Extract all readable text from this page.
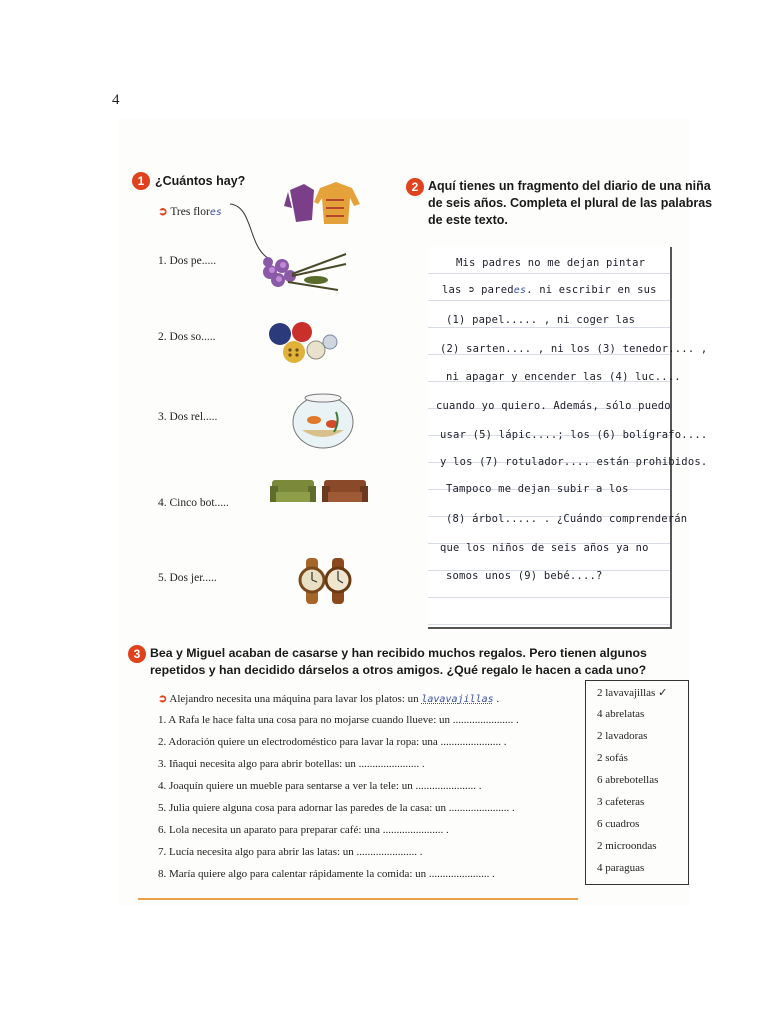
4
1 ¿Cuántos hay?
➲ Tres flores
1. Dos pe.....
2. Dos so.....
3. Dos rel.....
4. Cinco bot.....
5. Dos jer.....
2 Aquí tienes un fragmento del diario de una niña
de seis años. Completa el plural de las palabras
de este texto.
Mis padres no me dejan pintar
las ➲ paredes. ni escribir en sus
(1) papel..... , ni coger las
(2) sarten.... , ni los (3) tenedor.... ,
ni apagar y encender las (4) luc....
cuando yo quiero. Además, sólo puedo
usar (5) lápic....; los (6) bolígrafo....
y los (7) rotulador.... están prohibidos.
Tampoco me dejan subir a los
(8) árbol..... . ¿Cuándo comprenderán
que los niños de seis años ya no
somos unos (9) bebé....?
3 Bea y Miguel acaban de casarse y han recibido muchos regalos. Pero tienen algunos
repetidos y han decidido dárselos a otros amigos. ¿Qué regalo le hacen a cada uno?
➲ Alejandro necesita una máquina para lavar los platos: un lavavajillas .
1. A Rafa le hace falta una cosa para no mojarse cuando llueve: un ...................... .
2. Adoración quiere un electrodoméstico para lavar la ropa: una ...................... .
3. Iñaqui necesita algo para abrir botellas: un ...................... .
4. Joaquín quiere un mueble para sentarse a ver la tele: un ...................... .
5. Julia quiere alguna cosa para adornar las paredes de la casa: un ...................... .
6. Lola necesita un aparato para preparar café: una ...................... .
7. Lucía necesita algo para abrir las latas: un ...................... .
8. María quiere algo para calentar rápidamente la comida: un ...................... .
2 lavavajillas ✓
4 abrelatas
2 lavadoras
2 sofás
6 abrebotellas
3 cafeteras
6 cuadros
2 microondas
4 paraguas
